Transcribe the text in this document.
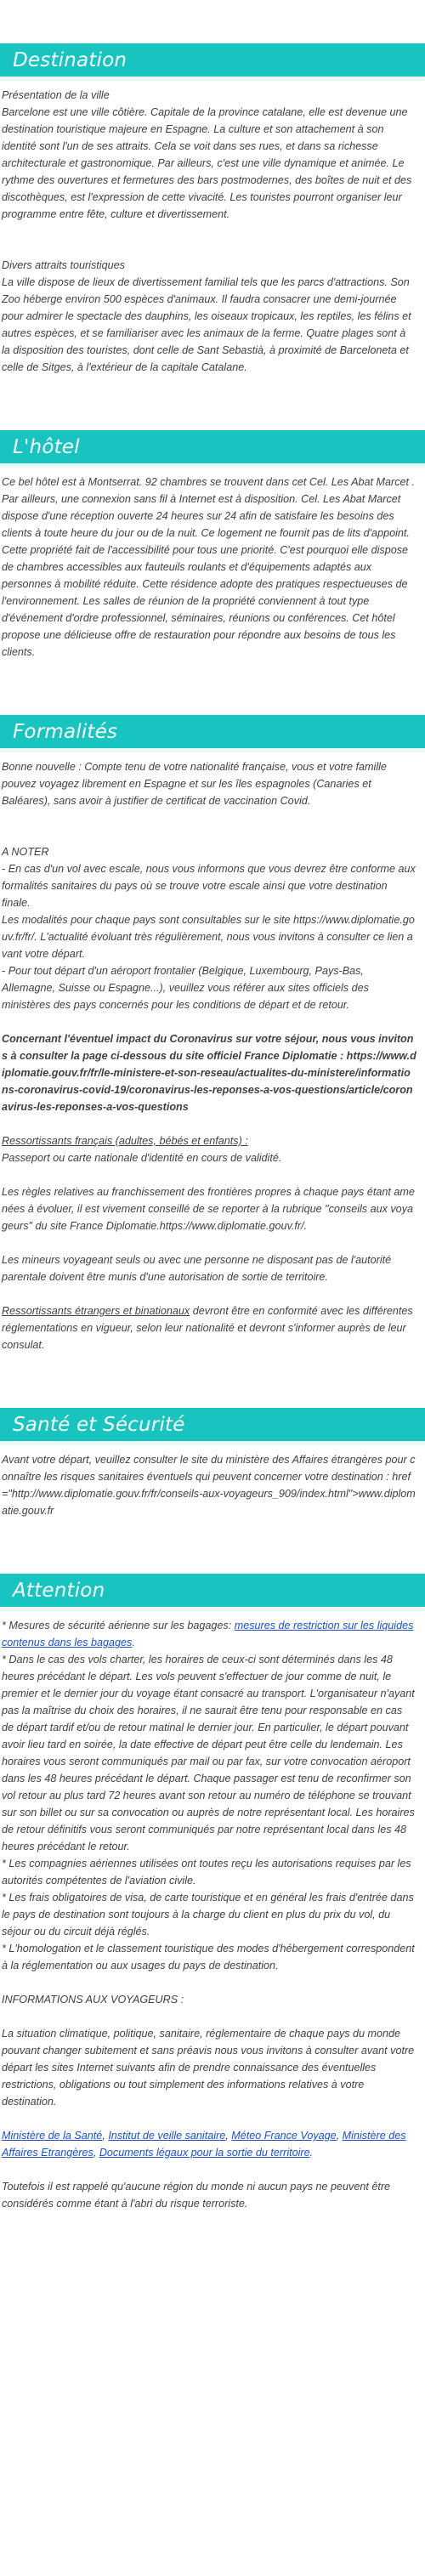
Destination

Présentation de la ville

Barcelone est une ville côtière. Capitale de la province catalane, elle est devenue une destination touristique majeure en Espagne. La culture et son attachement à son identité sont l'un de ses attraits. Cela se voit dans ses rues, et dans sa richesse architecturale et gastronomique. Par ailleurs, c'est une ville dynamique et animée. Le rythme des ouvertures et fermetures des bars postmodernes, des boîtes de nuit et des discothèques, est l'expression de cette vivacité. Les touristes pourront organiser leur programme entre fête, culture et divertissement.

Divers attraits touristiques

La ville dispose de lieux de divertissement familial tels que les parcs d'attractions. Son Zoo héberge environ 500 espèces d'animaux. Il faudra consacrer une demi-journée pour admirer le spectacle des dauphins, les oiseaux tropicaux, les reptiles, les félins et autres espèces, et se familiariser avec les animaux de la ferme. Quatre plages sont à la disposition des touristes, dont celle de Sant Sebastià, à proximité de Barceloneta et celle de Sitges, à l'extérieur de la capitale Catalane.

L'hôtel

Ce bel hôtel est à Montserrat. 92 chambres se trouvent dans cet Cel. Les Abat Marcet . Par ailleurs, une connexion sans fil à Internet est à disposition. Cel. Les Abat Marcet dispose d'une réception ouverte 24 heures sur 24 afin de satisfaire les besoins des clients à toute heure du jour ou de la nuit. Ce logement ne fournit pas de lits d'appoint. Cette propriété fait de l'accessibilité pour tous une priorité. C'est pourquoi elle dispose de chambres accessibles aux fauteuils roulants et d'équipements adaptés aux personnes à mobilité réduite. Cette résidence adopte des pratiques respectueuses de l'environnement. Les salles de réunion de la propriété conviennent à tout type d'événement d'ordre professionnel, séminaires, réunions ou conférences. Cet hôtel propose une délicieuse offre de restauration pour répondre aux besoins de tous les clients.

Formalités

Bonne nouvelle : Compte tenu de votre nationalité française, vous et votre famille pouvez voyagez librement en Espagne et sur les îles espagnoles (Canaries et Baléares), sans avoir à justifier de certificat de vaccination Covid.

A NOTER

- En cas d'un vol avec escale, nous vous informons que vous devrez être conforme aux formalités sanitaires du pays où se trouve votre escale ainsi que votre destination finale.

Les modalités pour chaque pays sont consultables sur le site https://www.diplomatie.gouv.fr/fr/. L'actualité évoluant très régulièrement, nous vous invitons à consulter ce lien avant votre départ.

- Pour tout départ d'un aéroport frontalier (Belgique, Luxembourg, Pays-Bas, Allemagne, Suisse ou Espagne...), veuillez vous référer aux sites officiels des ministères des pays concernés pour les conditions de départ et de retour.

Concernant l'éventuel impact du Coronavirus sur votre séjour, nous vous invitons à consulter la page ci-dessous du site officiel France Diplomatie : https://www.diplomatie.gouv.fr/fr/le-ministere-et-son-reseau/actualites-du-ministere/informations-coronavirus-covid-19/coronavirus-les-reponses-a-vos-questions/article/coronavirus-les-reponses-a-vos-questions

Ressortissants français (adultes, bébés et enfants) :

Passeport ou carte nationale d'identité en cours de validité.

Les règles relatives au franchissement des frontières propres à chaque pays étant amenées à évoluer, il est vivement conseillé de se reporter à la rubrique "conseils aux voyageurs" du site France Diplomatie.https://www.diplomatie.gouv.fr/.

Les mineurs voyageant seuls ou avec une personne ne disposant pas de l'autorité parentale doivent être munis d'une autorisation de sortie de territoire.

Ressortissants étrangers et binationaux devront être en conformité avec les différentes réglementations en vigueur, selon leur nationalité et devront s'informer auprès de leur consulat.

Santé et Sécurité

Avant votre départ, veuillez consulter le site du ministère des Affaires étrangères pour connaître les risques sanitaires éventuels qui peuvent concerner votre destination : href="http://www.diplomatie.gouv.fr/fr/conseils-aux-voyageurs_909/index.html">www.diplomatie.gouv.fr

Attention

* Mesures de sécurité aérienne sur les bagages: mesures de restriction sur les liquides contenus dans les bagages.

* Dans le cas des vols charter, les horaires de ceux-ci sont déterminés dans les 48 heures précédant le départ. Les vols peuvent s'effectuer de jour comme de nuit, le premier et le dernier jour du voyage étant consacré au transport. L'organisateur n'ayant pas la maîtrise du choix des horaires, il ne saurait être tenu pour responsable en cas de départ tardif et/ou de retour matinal le dernier jour. En particulier, le départ pouvant avoir lieu tard en soirée, la date effective de départ peut être celle du lendemain. Les horaires vous seront communiqués par mail ou par fax, sur votre convocation aéroport dans les 48 heures précédant le départ. Chaque passager est tenu de reconfirmer son vol retour au plus tard 72 heures avant son retour au numéro de téléphone se trouvant sur son billet ou sur sa convocation ou auprès de notre représentant local. Les horaires de retour définitifs vous seront communiqués par notre représentant local dans les 48 heures précédant le retour.

* Les compagnies aériennes utilisées ont toutes reçu les autorisations requises par les autorités compétentes de l'aviation civile.

* Les frais obligatoires de visa, de carte touristique et en général les frais d'entrée dans le pays de destination sont toujours à la charge du client en plus du prix du vol, du séjour ou du circuit déjà réglés.

* L'homologation et le classement touristique des modes d'hébergement correspondent à la réglementation ou aux usages du pays de destination.

INFORMATIONS AUX VOYAGEURS :

La situation climatique, politique, sanitaire, réglementaire de chaque pays du monde pouvant changer subitement et sans préavis nous vous invitons à consulter avant votre départ les sites Internet suivants afin de prendre connaissance des éventuelles restrictions, obligations ou tout simplement des informations relatives à votre destination.

Ministère de la Santé, Institut de veille sanitaire, Méteo France Voyage, Ministère des Affaires Etrangères, Documents légaux pour la sortie du territoire.

Toutefois il est rappelé qu'aucune région du monde ni aucun pays ne peuvent être considérés comme étant à l'abri du risque terroriste.
